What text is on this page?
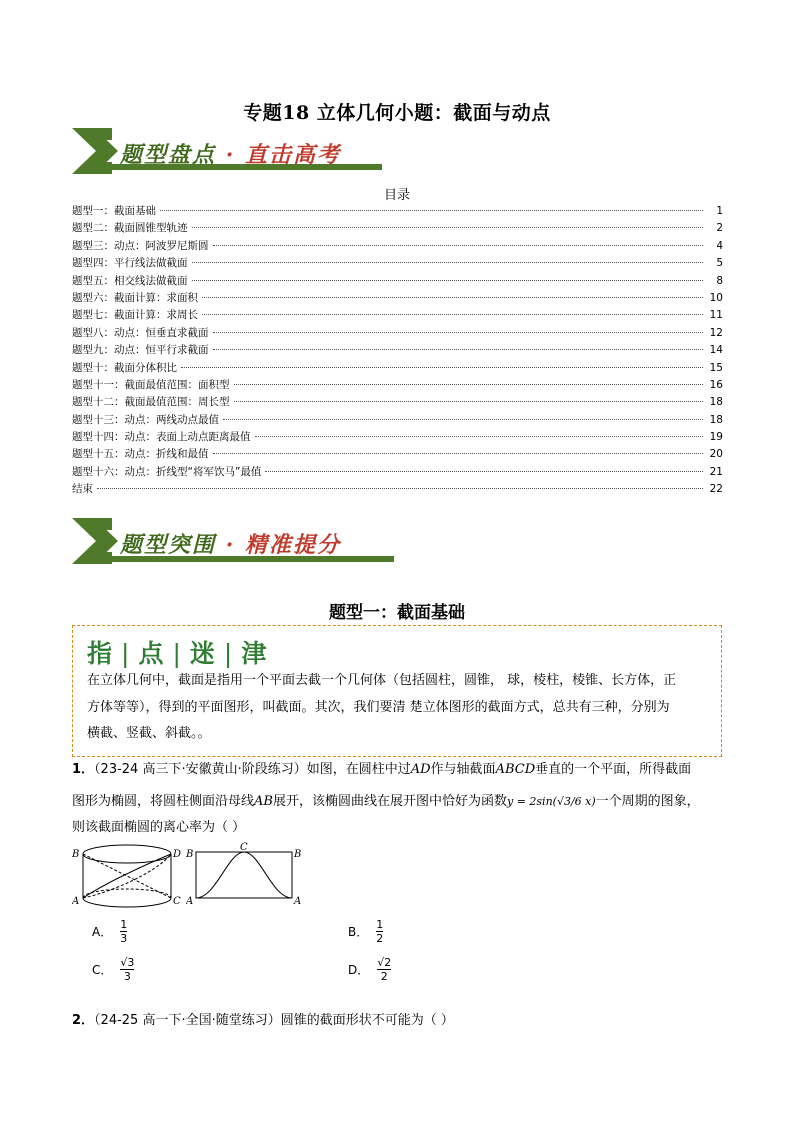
专题18 立体几何小题：截面与动点
题型盘点 · 直击高考
目录
题型一：截面基础	1
题型二：截面圆锥型轨迹	2
题型三：动点：阿波罗尼斯圆	4
题型四：平行线法做截面	5
题型五：相交线法做截面	8
题型六：截面计算：求面积	10
题型七：截面计算：求周长	11
题型八：动点：恒垂直求截面	12
题型九：动点：恒平行求截面	14
题型十：截面分体积比	15
题型十一：截面最值范围：面积型	16
题型十二：截面最值范围：周长型	18
题型十三：动点：两线动点最值	18
题型十四：动点：表面上动点距离最值	19
题型十五：动点：折线和最值	20
题型十六：动点：折线型“将军饮马”最值	21
结束	22
题型突围 · 精准提分
题型一：截面基础
指 | 点 | 迷 | 津
在立体几何中，截面是指用一个平面去截一个几何体（包括圆柱，圆锥， 球，棱柱，棱锥、长方体，正
方体等等），得到的平面图形，叫截面。其次，我们要清 楚立体图形的截面方式，总共有三种，分别为
横截、竖截、斜截。。
1．（23-24 高三下·安徽黄山·阶段练习）如图，在圆柱中过AD作与轴截面ABCD垂直的一个平面，所得截面
图形为椭圆，将圆柱侧面沿母线AB展开，该椭圆曲线在展开图中恰好为函数y = 2sin(√3/6 x)一个周期的图象，
则该截面椭圆的离心率为（ ）
B	D
A	C
B	B
C
A	A
A． $\frac{1}{3}$	B． $\frac{1}{2}$
C． $\frac{√3}{3}$	D． $\frac{√2}{2}$
2．（24-25 高一下·全国·随堂练习）圆锥的截面形状不可能为（ ）
